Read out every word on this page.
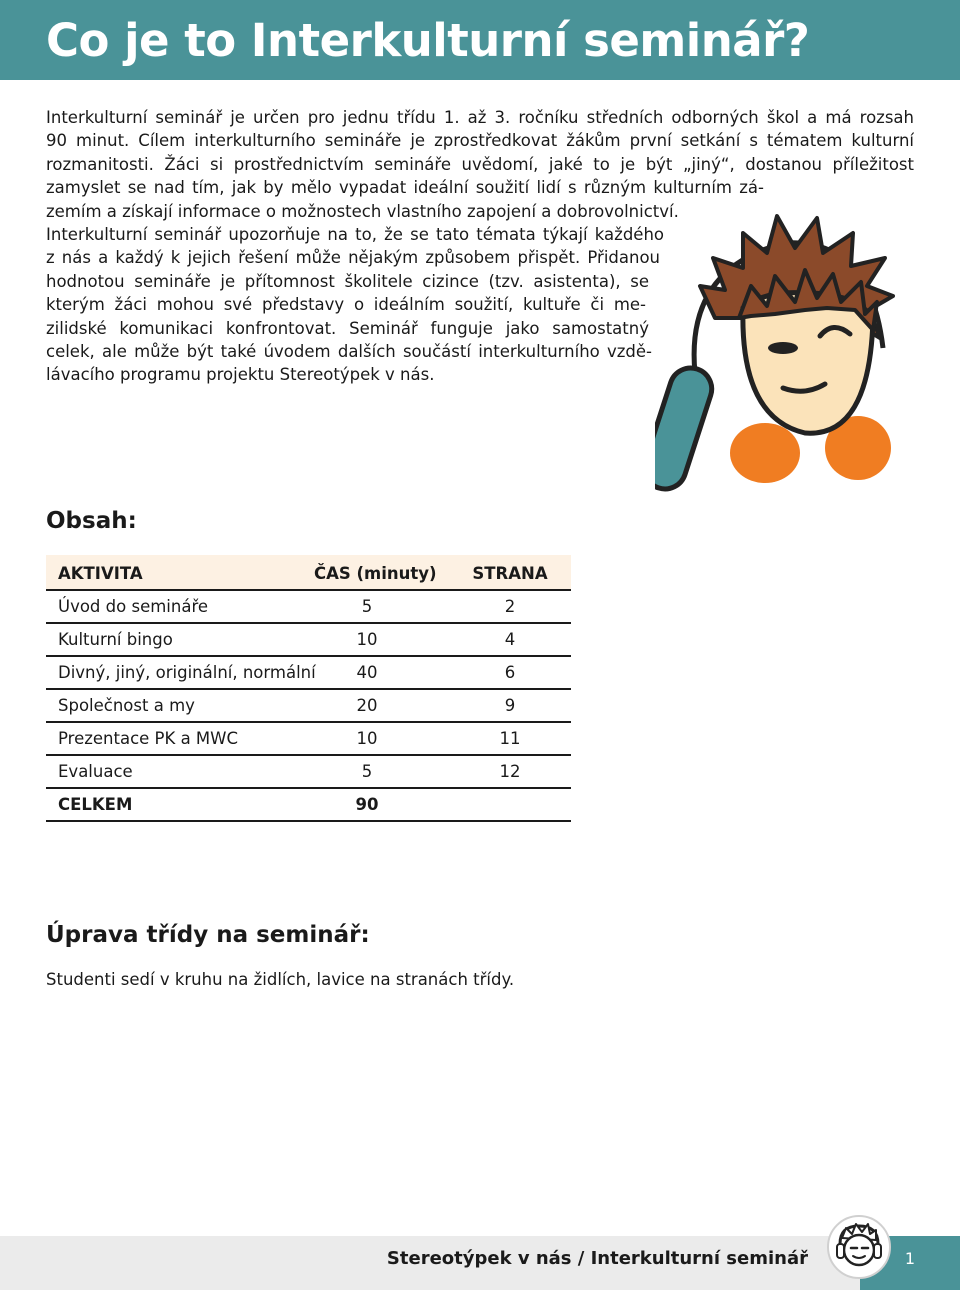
Co je to Interkulturní seminář?
Interkulturní seminář je určen pro jednu třídu 1. až 3. ročníku středních odborných škol a má rozsah
90 minut. Cílem interkulturního semináře je zprostředkovat žákům první setkání s tématem kulturní
rozmanitosti. Žáci si prostřednictvím semináře uvědomí, jaké to je být „jiný“, dostanou příležitost
zamyslet se nad tím, jak by mělo vypadat ideální soužití lidí s různým kulturním zá-
zemím a získají informace o možnostech vlastního zapojení a dobrovolnictví.
Interkulturní seminář upozorňuje na to, že se tato témata týkají každého
z nás a každý k jejich řešení může nějakým způsobem přispět. Přidanou
hodnotou semináře je přítomnost školitele cizince (tzv. asistenta), se
kterým žáci mohou své představy o ideálním soužití, kultuře či me-
zilidské komunikaci konfrontovat. Seminář funguje jako samostatný
celek, ale může být také úvodem dalších součástí interkulturního vzdě-
lávacího programu projektu Stereotýpek v nás.
Obsah:
AKTIVITA	ČAS (minuty)	STRANA
Úvod do semináře	5	2
Kulturní bingo	10	4
Divný, jiný, originální, normální	40	6
Společnost a my	20	9
Prezentace PK a MWC	10	11
Evaluace	5	12
CELKEM	90
Úprava třídy na seminář:
Studenti sedí v kruhu na židlích, lavice na stranách třídy.
Stereotýpek v nás / Interkulturní seminář	1
